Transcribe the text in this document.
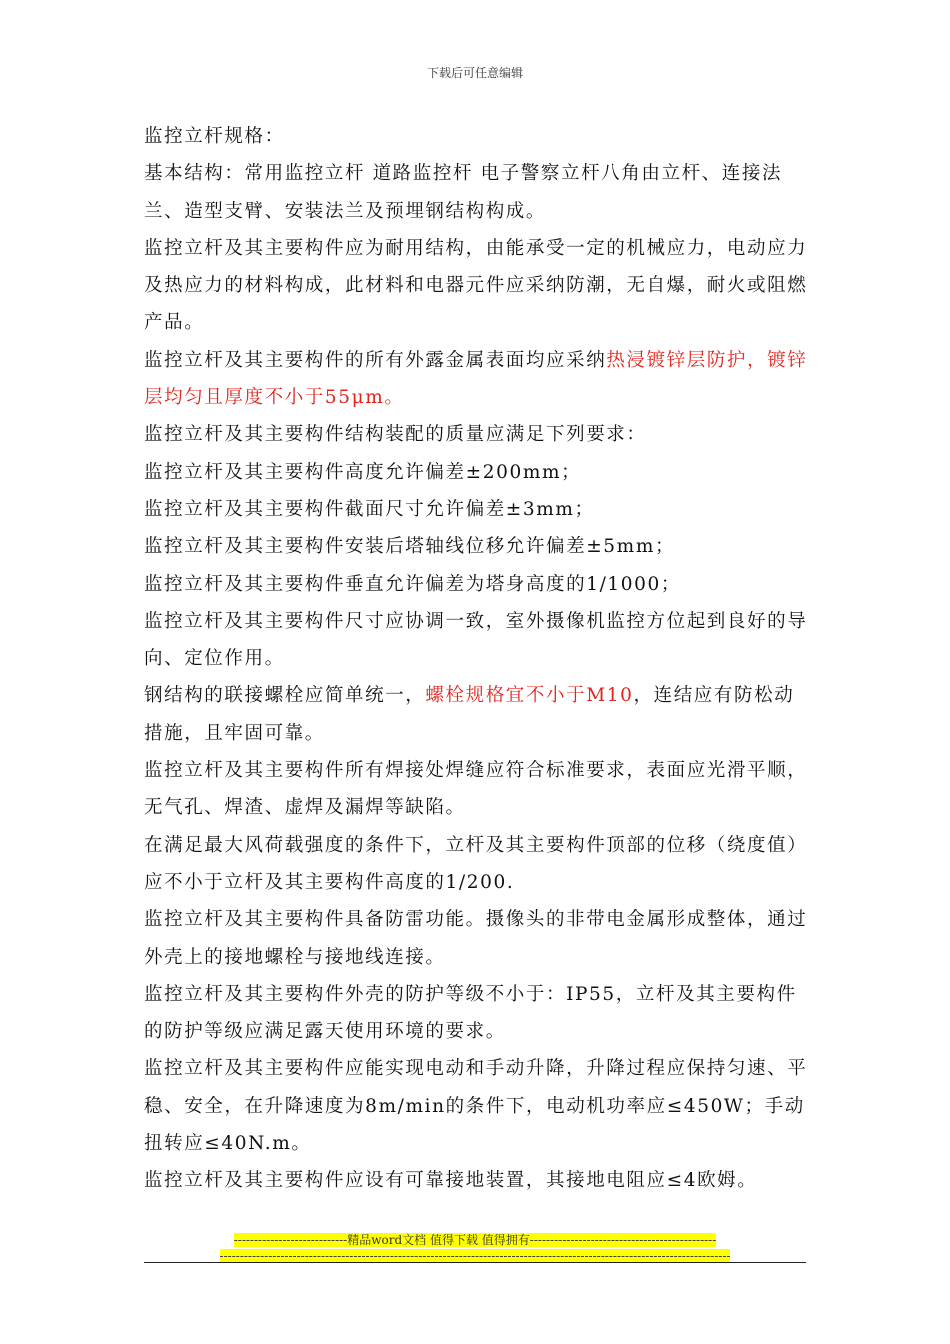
下载后可任意编辑

监控立杆规格：

基本结构：常用监控立杆 道路监控杆 电子警察立杆八角由立杆、连接法兰、造型支臂、安装法兰及预埋钢结构构成。

监控立杆及其主要构件应为耐用结构，由能承受一定的机械应力，电动应力及热应力的材料构成，此材料和电器元件应采纳防潮，无自爆，耐火或阻燃产品。

监控立杆及其主要构件的所有外露金属表面均应采纳热浸镀锌层防护，镀锌层均匀且厚度不小于55μm。

监控立杆及其主要构件结构装配的质量应满足下列要求：

监控立杆及其主要构件高度允许偏差±200mm；

监控立杆及其主要构件截面尺寸允许偏差±3mm；

监控立杆及其主要构件安装后塔轴线位移允许偏差±5mm；

监控立杆及其主要构件垂直允许偏差为塔身高度的1/1000；

监控立杆及其主要构件尺寸应协调一致，室外摄像机监控方位起到良好的导向、定位作用。

钢结构的联接螺栓应简单统一，螺栓规格宜不小于M10，连结应有防松动措施，且牢固可靠。

监控立杆及其主要构件所有焊接处焊缝应符合标准要求，表面应光滑平顺，无气孔、焊渣、虚焊及漏焊等缺陷。

在满足最大风荷载强度的条件下，立杆及其主要构件顶部的位移（绕度值）应不小于立杆及其主要构件高度的1/200.

监控立杆及其主要构件具备防雷功能。摄像头的非带电金属形成整体，通过外壳上的接地螺栓与接地线连接。

监控立杆及其主要构件外壳的防护等级不小于：IP55，立杆及其主要构件的防护等级应满足露天使用环境的要求。

监控立杆及其主要构件应能实现电动和手动升降，升降过程应保持匀速、平稳、安全，在升降速度为8m/min的条件下，电动机功率应≤450W；手动扭转应≤40N.m。

监控立杆及其主要构件应设有可靠接地装置，其接地电阻应≤4欧姆。

----------------------------精品word文档 值得下载 值得拥有----------------------------------------------
------------------------------------------------------------------------------------------------------------------------------
